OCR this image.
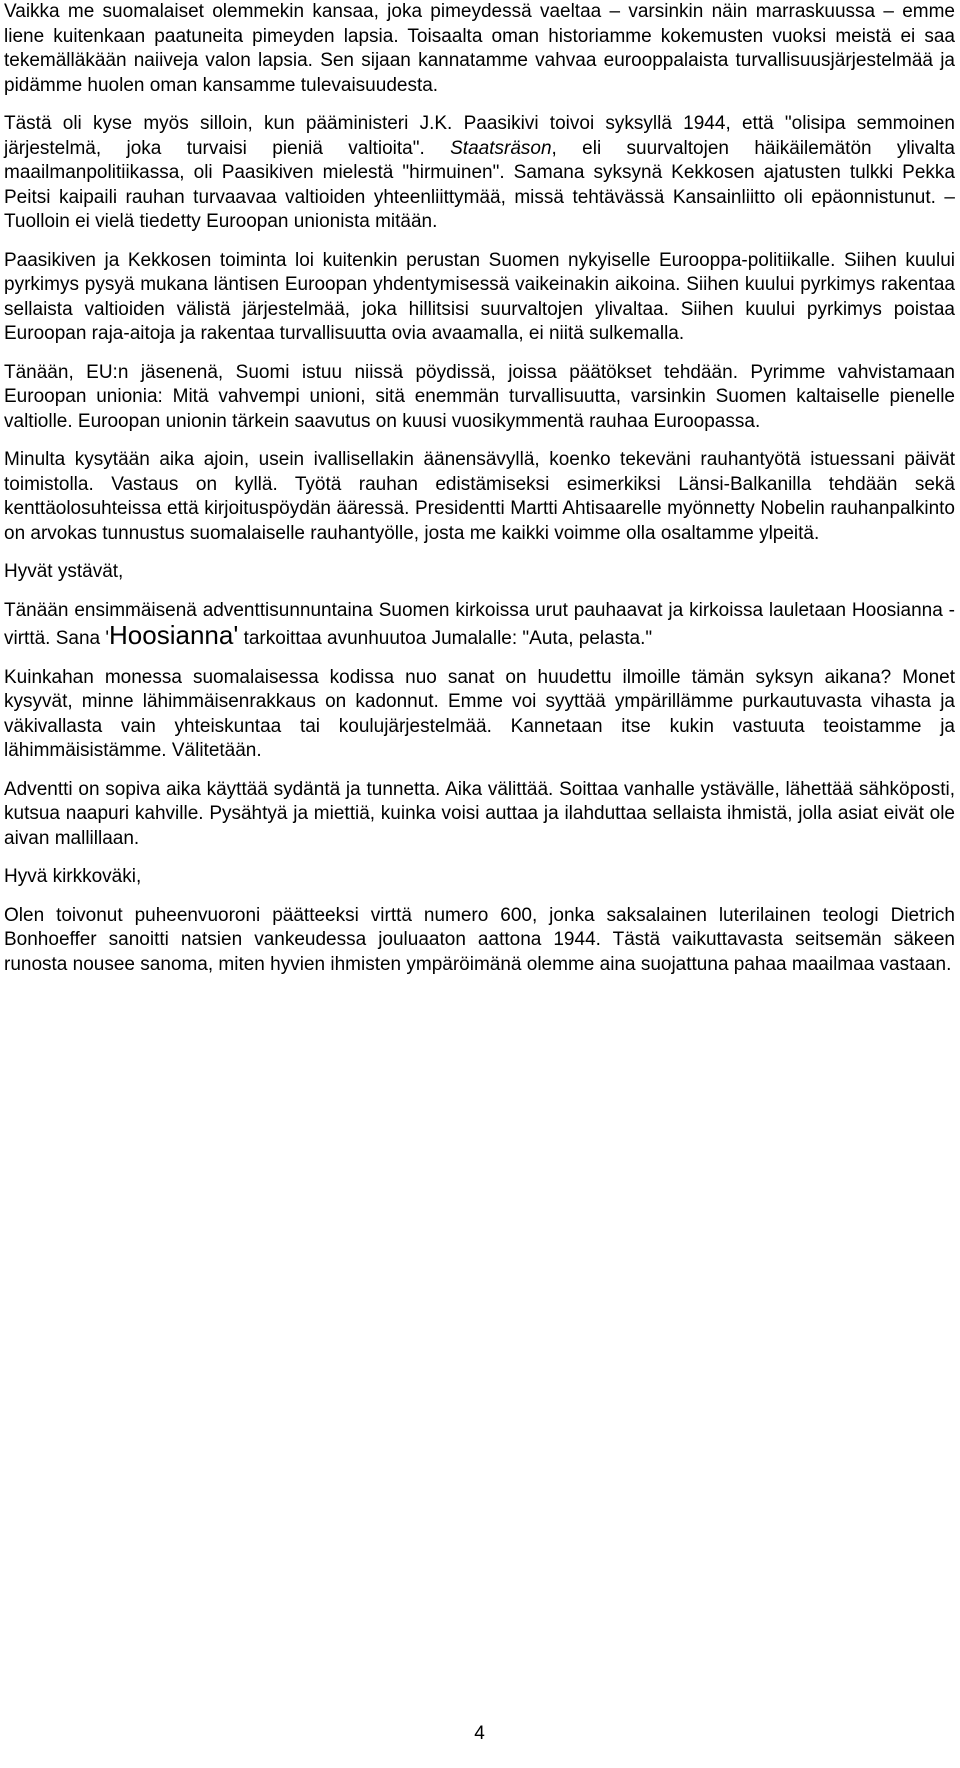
Vaikka me suomalaiset olemmekin kansaa, joka pimeydessä vaeltaa – varsinkin näin marraskuussa – emme liene kuitenkaan paatuneita pimeyden lapsia. Toisaalta oman historiamme kokemusten vuoksi meistä ei saa tekemälläkään naiiveja valon lapsia. Sen sijaan kannatamme vahvaa eurooppalaista turvallisuusjärjestelmää ja pidämme huolen oman kansamme tulevaisuudesta.

Tästä oli kyse myös silloin, kun pääministeri J.K. Paasikivi toivoi syksyllä 1944, että "olisipa semmoinen järjestelmä, joka turvaisi pieniä valtioita". Staatsräson, eli suurvaltojen häikäilemätön ylivalta maailmanpolitiikassa, oli Paasikiven mielestä "hirmuinen". Samana syksynä Kekkosen ajatusten tulkki Pekka Peitsi kaipaili rauhan turvaavaa valtioiden yhteenliittymää, missä tehtävässä Kansainliitto oli epäonnistunut. – Tuolloin ei vielä tiedetty Euroopan unionista mitään.

Paasikiven ja Kekkosen toiminta loi kuitenkin perustan Suomen nykyiselle Eurooppa-politiikalle. Siihen kuului pyrkimys pysyä mukana läntisen Euroopan yhdentymisessä vaikeinakin aikoina. Siihen kuului pyrkimys rakentaa sellaista valtioiden välistä järjestelmää, joka hillitsisi suurvaltojen ylivaltaa. Siihen kuului pyrkimys poistaa Euroopan raja-aitoja ja rakentaa turvallisuutta ovia avaamalla, ei niitä sulkemalla.

Tänään, EU:n jäsenenä, Suomi istuu niissä pöydissä, joissa päätökset tehdään. Pyrimme vahvistamaan Euroopan unionia: Mitä vahvempi unioni, sitä enemmän turvallisuutta, varsinkin Suomen kaltaiselle pienelle valtiolle. Euroopan unionin tärkein saavutus on kuusi vuosikymmentä rauhaa Euroopassa.

Minulta kysytään aika ajoin, usein ivallisellakin äänensävyllä, koenko tekeväni rauhantyötä istuessani päivät toimistolla. Vastaus on kyllä. Työtä rauhan edistämiseksi esimerkiksi Länsi-Balkanilla tehdään sekä kenttäolosuhteissa että kirjoituspöydän ääressä. Presidentti Martti Ahtisaarelle myönnetty Nobelin rauhanpalkinto on arvokas tunnustus suomalaiselle rauhantyölle, josta me kaikki voimme olla osaltamme ylpeitä.

Hyvät ystävät,

Tänään ensimmäisenä adventtisunnuntaina Suomen kirkoissa urut pauhaavat ja kirkoissa lauletaan Hoosianna - virttä. Sana 'Hoosianna' tarkoittaa avunhuutoa Jumalalle: "Auta, pelasta."

Kuinkahan monessa suomalaisessa kodissa nuo sanat on huudettu ilmoille tämän syksyn aikana? Monet kysyvät, minne lähimmäisenrakkaus on kadonnut. Emme voi syyttää ympärillämme purkautuvasta vihasta ja väkivallasta vain yhteiskuntaa tai koulujärjestelmää. Kannetaan itse kukin vastuuta teoistamme ja lähimmäisistämme. Välitetään.

Adventti on sopiva aika käyttää sydäntä ja tunnetta. Aika välittää. Soittaa vanhalle ystävälle, lähettää sähköposti, kutsua naapuri kahville. Pysähtyä ja miettiä, kuinka voisi auttaa ja ilahduttaa sellaista ihmistä, jolla asiat eivät ole aivan mallillaan.

Hyvä kirkkoväki,

Olen toivonut puheenvuoroni päätteeksi virttä numero 600, jonka saksalainen luterilainen teologi Dietrich Bonhoeffer sanoitti natsien vankeudessa jouluaaton aattona 1944. Tästä vaikuttavasta seitsemän säkeen runosta nousee sanoma, miten hyvien ihmisten ympäröimänä olemme aina suojattuna pahaa maailmaa vastaan.

4
